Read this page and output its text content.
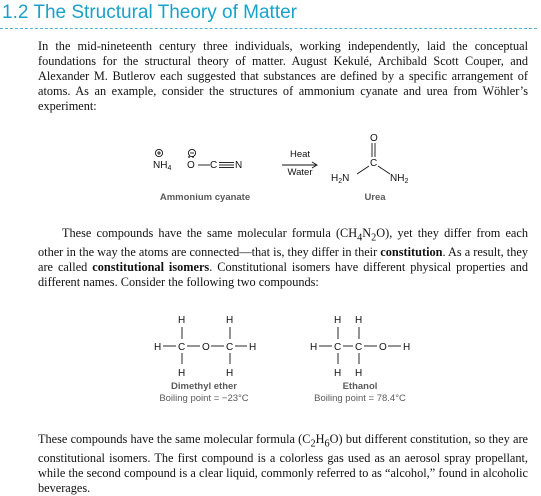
1.2 The Structural Theory of Matter

In the mid-nineteenth century three individuals, working independently, laid the conceptual foundations for the structural theory of matter. August Kekulé, Archibald Scott Couper, and Alexander M. Butlerov each suggested that substances are defined by a specific arrangement of atoms. As an example, consider the structures of ammonium cyanate and urea from Wöhler’s experiment:

$NH_4$ O C N
O
C
$H_2N$	$NH_2$
H	H
H C O C H
H	H
H H
H C C O H
H H
Heat
Water
Ammonium cyanate	Urea

These compounds have the same molecular formula $(CH_4N_2O)$, yet they differ from each other in the way the atoms are connected—that is, they differ in their constitution. As a result, they are called constitutional isomers. Constitutional isomers have different physical properties and different names. Consider the following two compounds:

Dimethyl ether
Boiling point = −23°C
Ethanol
Boiling point = 78.4°C

These compounds have the same molecular formula $(C_2H_6O)$ but different constitution, so they are constitutional isomers. The first compound is a colorless gas used as an aerosol spray propellant, while the second compound is a clear liquid, commonly referred to as “alcohol,” found in alcoholic beverages.
